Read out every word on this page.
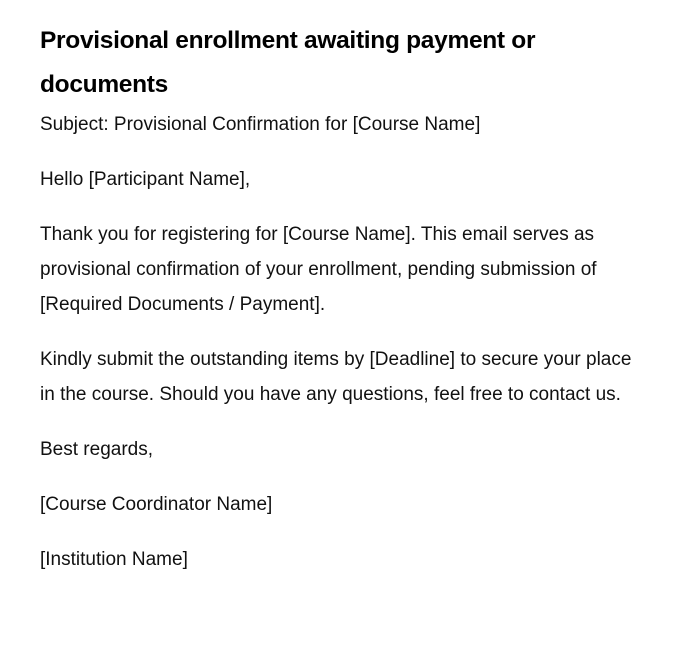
Provisional enrollment awaiting payment or documents

Subject: Provisional Confirmation for [Course Name]

Hello [Participant Name],

Thank you for registering for [Course Name]. This email serves as provisional confirmation of your enrollment, pending submission of [Required Documents / Payment].

Kindly submit the outstanding items by [Deadline] to secure your place in the course. Should you have any questions, feel free to contact us.

Best regards,

[Course Coordinator Name]

[Institution Name]
